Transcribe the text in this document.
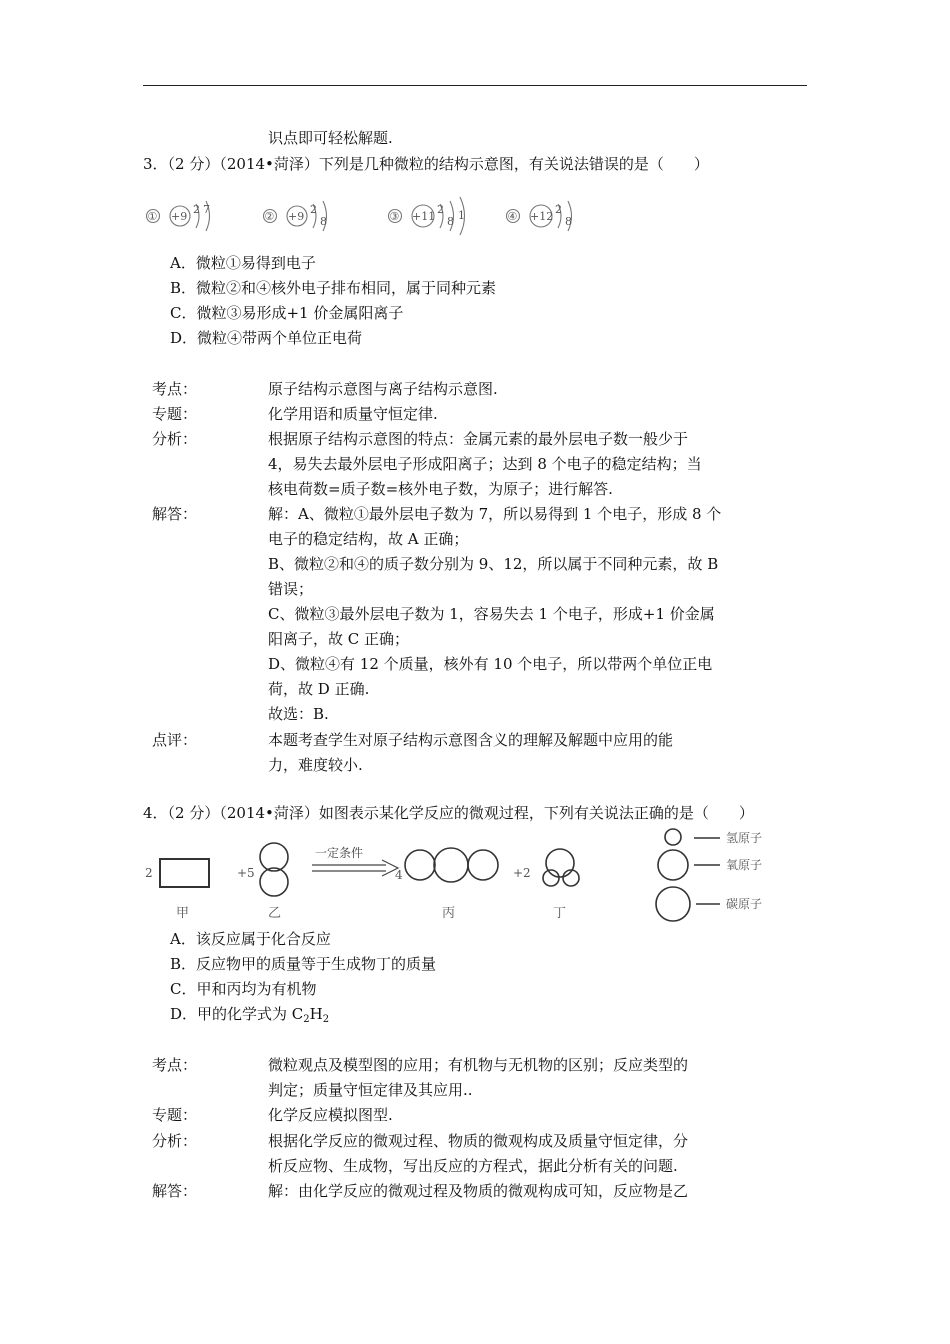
识点即可轻松解题.
3．（2 分）（2014•菏泽）下列是几种微粒的结构示意图，有关说法错误的是（　　）
① +9
2 7
② +9
2
8	③ +11
2
8 1	④ +12
2
8
A．微粒①易得到电子
B．微粒②和④核外电子排布相同，属于同种元素
C．微粒③易形成+1 价金属阳离子
D．微粒④带两个单位正电荷
考点：	原子结构示意图与离子结构示意图.
专题：	化学用语和质量守恒定律.
分析：	根据原子结构示意图的特点：金属元素的最外层电子数一般少于
4，易失去最外层电子形成阳离子；达到 8 个电子的稳定结构；当
核电荷数=质子数=核外电子数，为原子；进行解答.
解答：	解：A、微粒①最外层电子数为 7，所以易得到 1 个电子，形成 8 个
电子的稳定结构，故 A 正确；
B、微粒②和④的质子数分别为 9、12，所以属于不同种元素，故 B
错误；
C、微粒③最外层电子数为 1，容易失去 1 个电子，形成+1 价金属
阳离子，故 C 正确；
D、微粒④有 12 个质量，核外有 10 个电子，所以带两个单位正电
荷，故 D 正确.
故选：B.
点评：	本题考查学生对原子结构示意图含义的理解及解题中应用的能
力，难度较小.
4．（2 分）（2014•菏泽）如图表示某化学反应的微观过程，下列有关说法正确的是（　　）
2	+5	4	+2
一定条件
甲	乙	丙	丁
氢原子
氧原子
碳原子
A．该反应属于化合反应
B．反应物甲的质量等于生成物丁的质量
C．甲和丙均为有机物
D．甲的化学式为 $C_2H_2$
考点：	微粒观点及模型图的应用；有机物与无机物的区别；反应类型的
判定；质量守恒定律及其应用..
专题：	化学反应模拟图型.
分析：	根据化学反应的微观过程、物质的微观构成及质量守恒定律，分
析反应物、生成物，写出反应的方程式，据此分析有关的问题.
解答：	解：由化学反应的微观过程及物质的微观构成可知，反应物是乙
